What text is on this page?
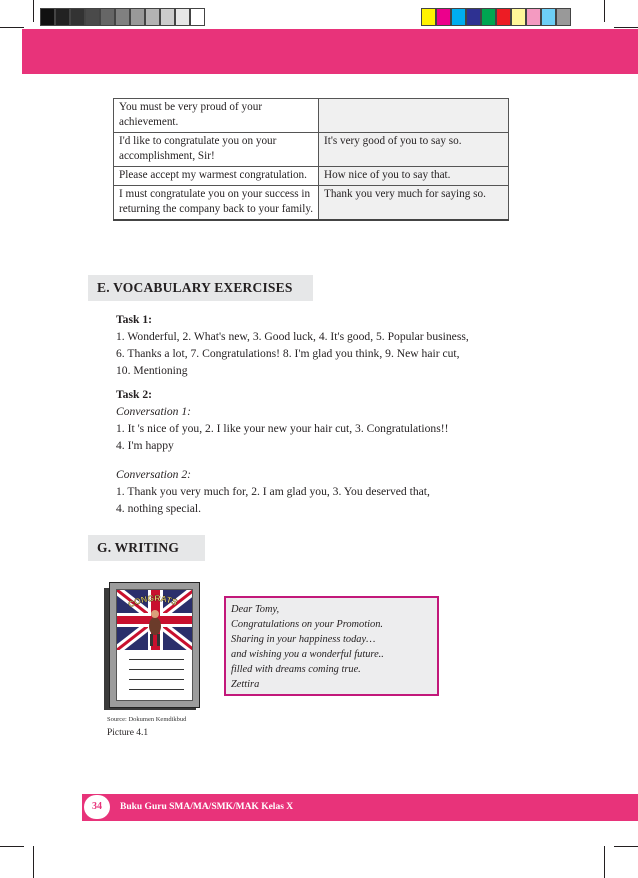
You must be very proud of your achievement.	
I'd like to congratulate you on your accomplishment, Sir!	It's very good of you to say so.
Please accept my warmest congratulation.	How nice of you to say that.
I must congratulate you on your success in returning the company back to your family.	Thank you very much for saying so.
E. VOCABULARY EXERCISES
Task 1:
1. Wonderful, 2. What's new, 3. Good luck, 4. It's good, 5. Popular business,
6. Thanks a lot, 7. Congratulations! 8. I'm glad you think, 9. New hair cut,
10. Mentioning
Task 2:
Conversation 1:
1. It 's nice of you, 2. I like your new your hair cut, 3. Congratulations!!
4. I'm happy
Conversation 2:
1. Thank you very much for, 2. I am glad you, 3. You deserved that,
4. nothing special.
G. WRITING
CONGRATS
Source: Dokumen Kemdikbud
Picture 4.1
Dear Tomy,
Congratulations on your Promotion.
Sharing in your happiness today…
and wishing you a wonderful future..
filled with dreams coming true.
Zettira
34	Buku Guru SMA/MA/SMK/MAK Kelas X
